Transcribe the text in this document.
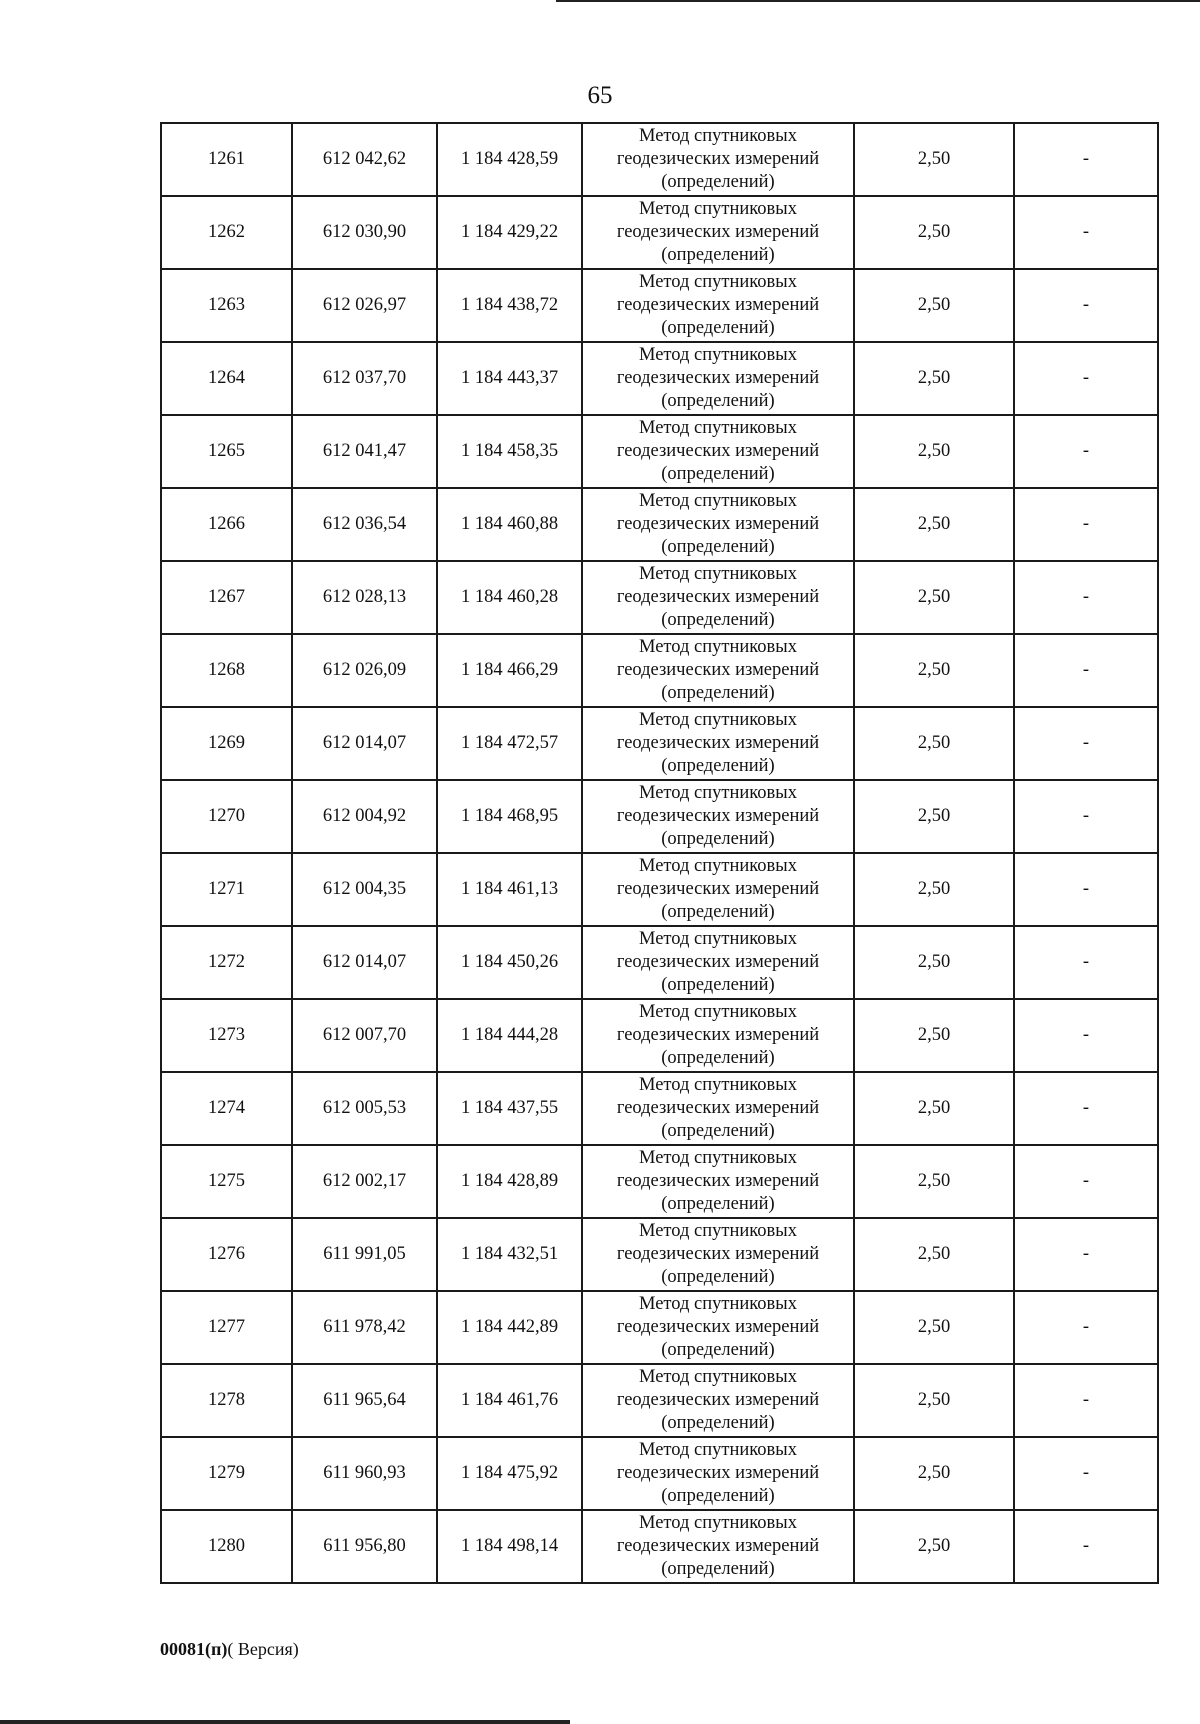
65
1261	612 042,62	1 184 428,59	Метод спутниковых
геодезических измерений
(определений)	2,50	-
1262	612 030,90	1 184 429,22	Метод спутниковых
геодезических измерений
(определений)	2,50	-
1263	612 026,97	1 184 438,72	Метод спутниковых
геодезических измерений
(определений)	2,50	-
1264	612 037,70	1 184 443,37	Метод спутниковых
геодезических измерений
(определений)	2,50	-
1265	612 041,47	1 184 458,35	Метод спутниковых
геодезических измерений
(определений)	2,50	-
1266	612 036,54	1 184 460,88	Метод спутниковых
геодезических измерений
(определений)	2,50	-
1267	612 028,13	1 184 460,28	Метод спутниковых
геодезических измерений
(определений)	2,50	-
1268	612 026,09	1 184 466,29	Метод спутниковых
геодезических измерений
(определений)	2,50	-
1269	612 014,07	1 184 472,57	Метод спутниковых
геодезических измерений
(определений)	2,50	-
1270	612 004,92	1 184 468,95	Метод спутниковых
геодезических измерений
(определений)	2,50	-
1271	612 004,35	1 184 461,13	Метод спутниковых
геодезических измерений
(определений)	2,50	-
1272	612 014,07	1 184 450,26	Метод спутниковых
геодезических измерений
(определений)	2,50	-
1273	612 007,70	1 184 444,28	Метод спутниковых
геодезических измерений
(определений)	2,50	-
1274	612 005,53	1 184 437,55	Метод спутниковых
геодезических измерений
(определений)	2,50	-
1275	612 002,17	1 184 428,89	Метод спутниковых
геодезических измерений
(определений)	2,50	-
1276	611 991,05	1 184 432,51	Метод спутниковых
геодезических измерений
(определений)	2,50	-
1277	611 978,42	1 184 442,89	Метод спутниковых
геодезических измерений
(определений)	2,50	-
1278	611 965,64	1 184 461,76	Метод спутниковых
геодезических измерений
(определений)	2,50	-
1279	611 960,93	1 184 475,92	Метод спутниковых
геодезических измерений
(определений)	2,50	-
1280	611 956,80	1 184 498,14	Метод спутниковых
геодезических измерений
(определений)	2,50	-
00081(п)( Версия)
